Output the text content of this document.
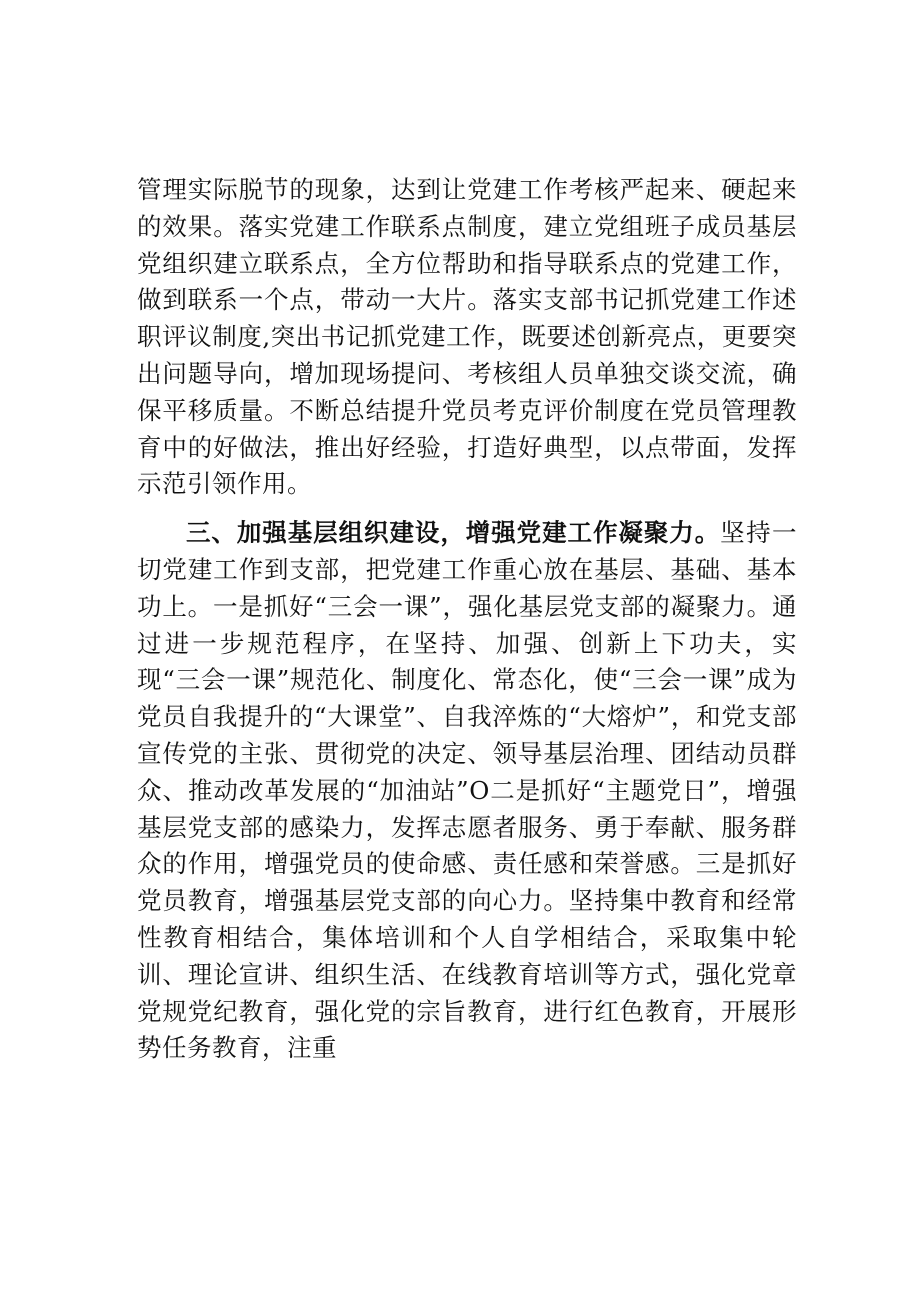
管理实际脱节的现象，达到让党建工作考核严起来、硬起来的效果。落实党建工作联系点制度，建立党组班子成员基层党组织建立联系点，全方位帮助和指导联系点的党建工作，做到联系一个点，带动一大片。落实支部书记抓党建工作述职评议制度,突出书记抓党建工作，既要述创新亮点，更要突出问题导向，增加现场提问、考核组人员单独交谈交流，确保平移质量。不断总结提升党员考克评价制度在党员管理教育中的好做法，推出好经验，打造好典型，以点带面，发挥示范引领作用。

三、加强基层组织建设，增强党建工作凝聚力。坚持一切党建工作到支部，把党建工作重心放在基层、基础、基本功上。一是抓好“三会一课”，强化基层党支部的凝聚力。通过进一步规范程序，在坚持、加强、创新上下功夫，实现“三会一课”规范化、制度化、常态化，使“三会一课”成为党员自我提升的“大课堂”、自我淬炼的“大熔炉”，和党支部宣传党的主张、贯彻党的决定、领导基层治理、团结动员群众、推动改革发展的“加油站”O二是抓好“主题党日”，增强基层党支部的感染力，发挥志愿者服务、勇于奉献、服务群众的作用，增强党员的使命感、责任感和荣誉感。三是抓好党员教育，增强基层党支部的向心力。坚持集中教育和经常性教育相结合，集体培训和个人自学相结合，采取集中轮训、理论宣讲、组织生活、在线教育培训等方式，强化党章党规党纪教育，强化党的宗旨教育，进行红色教育，开展形势任务教育，注重
